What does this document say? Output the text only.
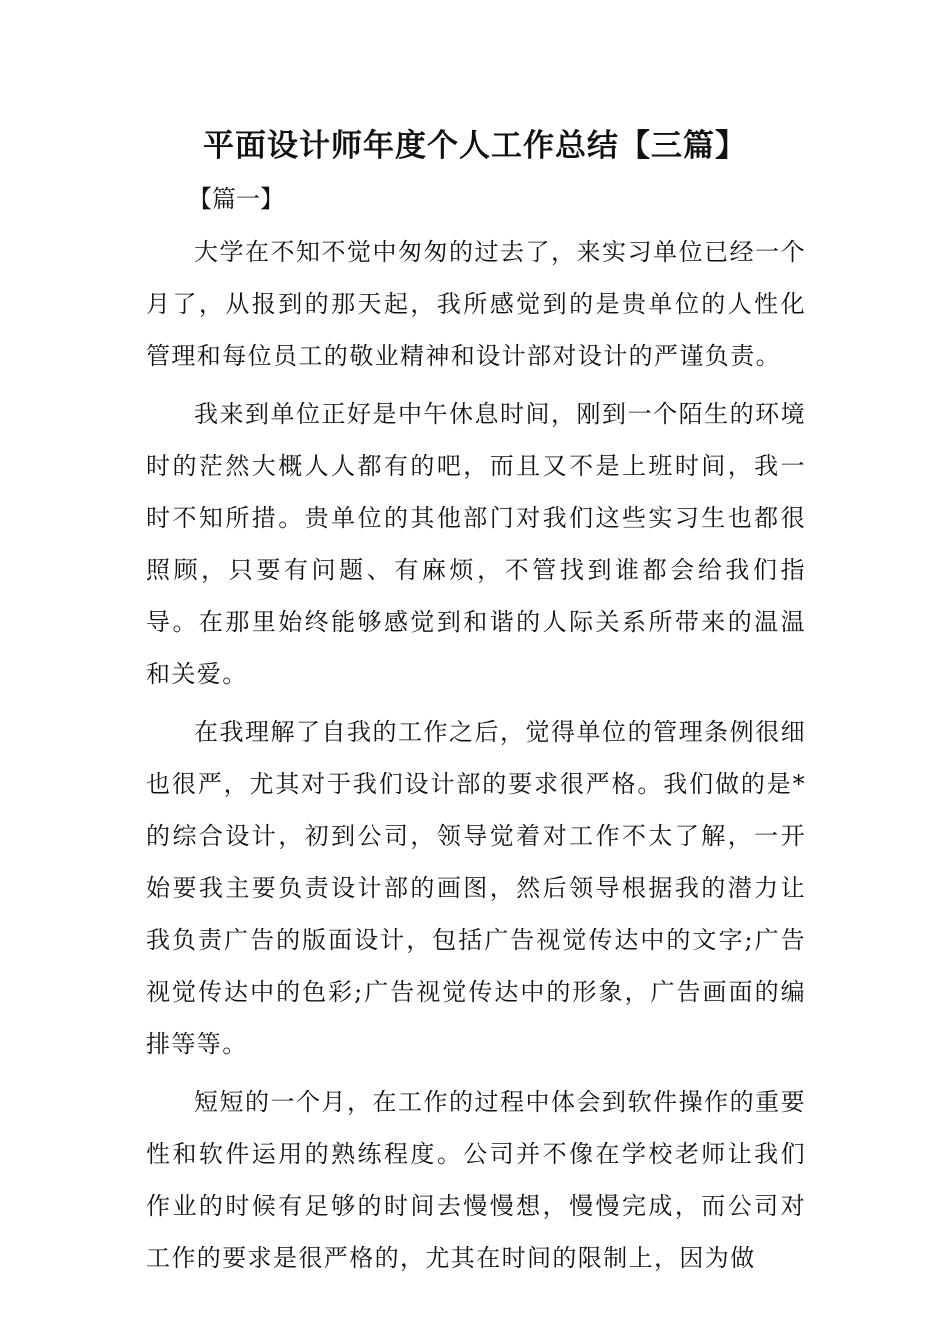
平面设计师年度个人工作总结【三篇】

【篇一】

大学在不知不觉中匆匆的过去了，来实习单位已经一个月了，从报到的那天起，我所感觉到的是贵单位的人性化管理和每位员工的敬业精神和设计部对设计的严谨负责。

我来到单位正好是中午休息时间，刚到一个陌生的环境时的茫然大概人人都有的吧，而且又不是上班时间，我一时不知所措。贵单位的其他部门对我们这些实习生也都很照顾，只要有问题、有麻烦，不管找到谁都会给我们指导。在那里始终能够感觉到和谐的人际关系所带来的温温和关爱。

在我理解了自我的工作之后，觉得单位的管理条例很细也很严，尤其对于我们设计部的要求很严格。我们做的是*的综合设计，初到公司，领导觉着对工作不太了解，一开始要我主要负责设计部的画图，然后领导根据我的潜力让我负责广告的版面设计，包括广告视觉传达中的文字;广告视觉传达中的色彩;广告视觉传达中的形象，广告画面的编排等等。

短短的一个月，在工作的过程中体会到软件操作的重要性和软件运用的熟练程度。公司并不像在学校老师让我们作业的时候有足够的时间去慢慢想，慢慢完成，而公司对工作的要求是很严格的，尤其在时间的限制上，因为做
